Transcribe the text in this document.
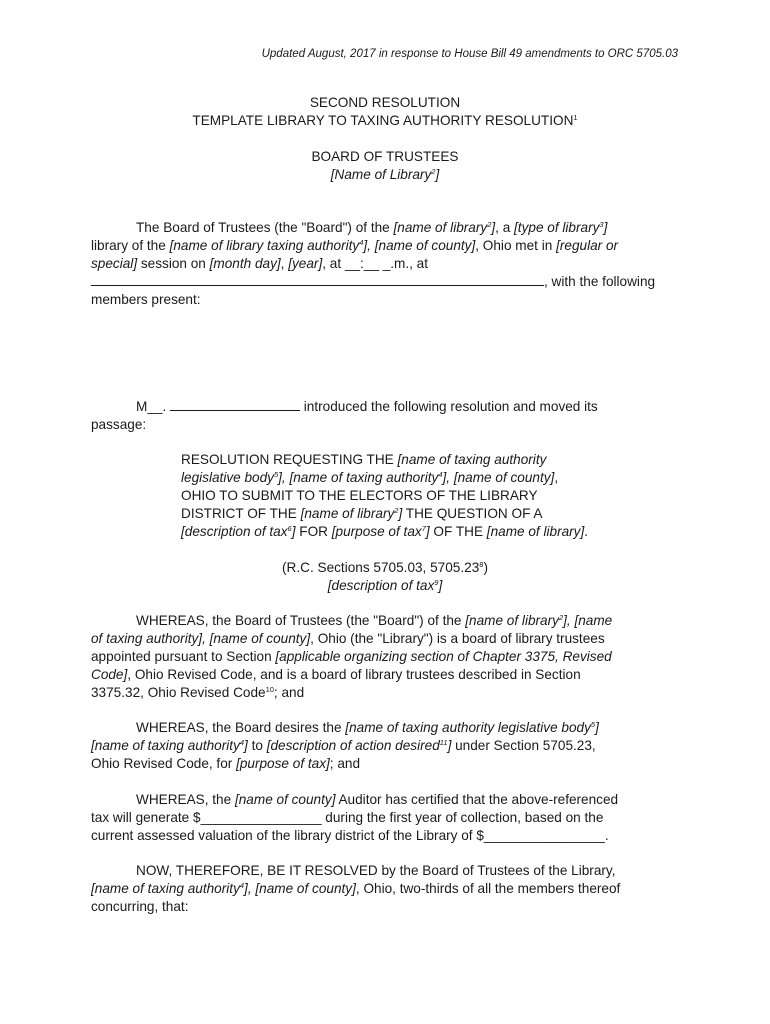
Updated August, 2017 in response to House Bill 49 amendments to ORC 5705.03
SECOND RESOLUTION
TEMPLATE LIBRARY TO TAXING AUTHORITY RESOLUTION$^1$
BOARD OF TRUSTEES
[Name of Library$^2$]
The Board of Trustees (the "Board") of the [name of library$^2$], a [type of library$^3$]
library of the [name of library taxing authority$^4$], [name of county], Ohio met in [regular or
special] session on [month day], [year], at __:__ _.m., at
, with the following
members present:
M__.	introduced the following resolution and moved its
passage:
RESOLUTION REQUESTING THE [name of taxing authority
legislative body$^5$], [name of taxing authority$^4$], [name of county],
OHIO TO SUBMIT TO THE ELECTORS OF THE LIBRARY
DISTRICT OF THE [name of library$^2$] THE QUESTION OF A
[description of tax$^6$] FOR [purpose of tax$^7$] OF THE [name of library].
(R.C. Sections 5705.03, 5705.23$^8$)
[description of tax$^9$]
WHEREAS, the Board of Trustees (the "Board") of the [name of library$^2$], [name
of taxing authority], [name of county], Ohio (the "Library") is a board of library trustees
appointed pursuant to Section [applicable organizing section of Chapter 3375, Revised
Code], Ohio Revised Code, and is a board of library trustees described in Section
3375.32, Ohio Revised Code$^{10}$; and
WHEREAS, the Board desires the [name of taxing authority legislative body$^5$]
[name of taxing authority$^4$] to [description of action desired$^{11}$] under Section 5705.23,
Ohio Revised Code, for [purpose of tax]; and
WHEREAS, the [name of county] Auditor has certified that the above-referenced
tax will generate $________________ during the first year of collection, based on the
current assessed valuation of the library district of the Library of $________________.
NOW, THEREFORE, BE IT RESOLVED by the Board of Trustees of the Library,
[name of taxing authority$^4$], [name of county], Ohio, two-thirds of all the members thereof
concurring, that:
